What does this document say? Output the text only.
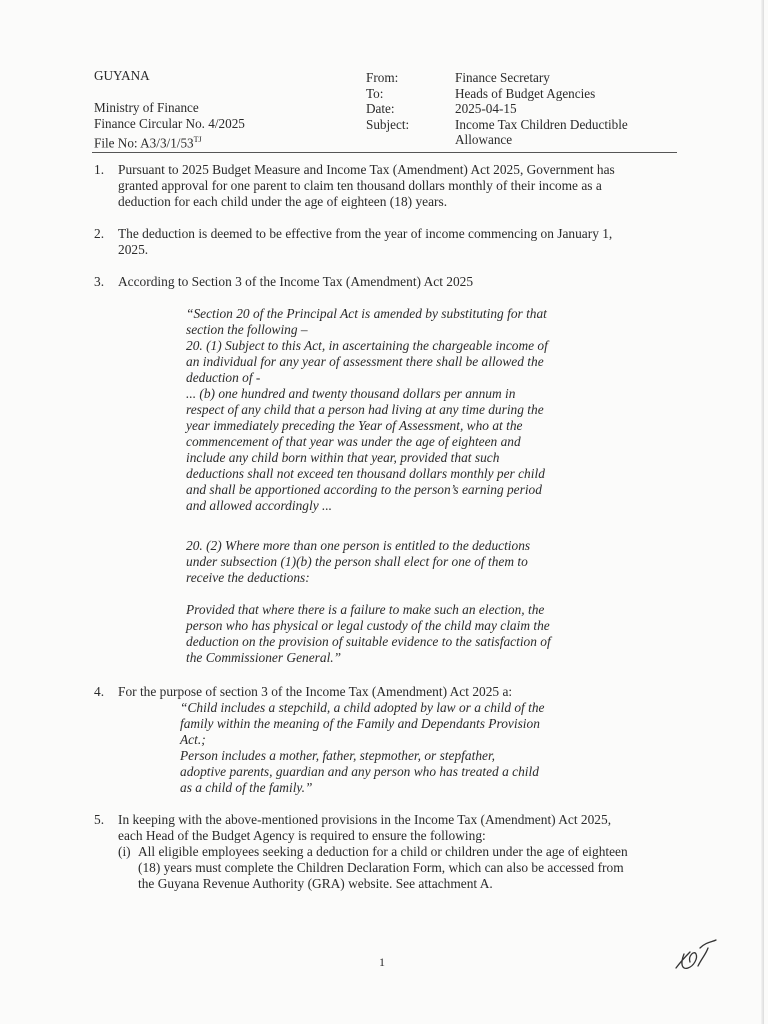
GUYANA
Ministry of Finance
Finance Circular No. 4/2025
File No: $A3/3/1/53^{TJ}$
From:
To:
Date:
Subject:
Finance Secretary
Heads of Budget Agencies
2025-04-15
Income Tax Children Deductible
Allowance
1. Pursuant to 2025 Budget Measure and Income Tax (Amendment) Act 2025, Government has
granted approval for one parent to claim ten thousand dollars monthly of their income as a
deduction for each child under the age of eighteen (18) years.
2. The deduction is deemed to be effective from the year of income commencing on January 1,
2025.
3. According to Section 3 of the Income Tax (Amendment) Act 2025
“Section 20 of the Principal Act is amended by substituting for that
section the following –
20. (1) Subject to this Act, in ascertaining the chargeable income of
an individual for any year of assessment there shall be allowed the
deduction of -
... (b) one hundred and twenty thousand dollars per annum in
respect of any child that a person had living at any time during the
year immediately preceding the Year of Assessment, who at the
commencement of that year was under the age of eighteen and
include any child born within that year, provided that such
deductions shall not exceed ten thousand dollars monthly per child
and shall be apportioned according to the person’s earning period
and allowed accordingly ...
20. (2) Where more than one person is entitled to the deductions
under subsection (1)(b) the person shall elect for one of them to
receive the deductions:
Provided that where there is a failure to make such an election, the
person who has physical or legal custody of the child may claim the
deduction on the provision of suitable evidence to the satisfaction of
the Commissioner General.”
4. For the purpose of section 3 of the Income Tax (Amendment) Act 2025 a:
“Child includes a stepchild, a child adopted by law or a child of the
family within the meaning of the Family and Dependants Provision
Act.;
Person includes a mother, father, stepmother, or stepfather,
adoptive parents, guardian and any person who has treated a child
as a child of the family.”
5. In keeping with the above-mentioned provisions in the Income Tax (Amendment) Act 2025,
each Head of the Budget Agency is required to ensure the following:
(i) All eligible employees seeking a deduction for a child or children under the age of eighteen
(18) years must complete the Children Declaration Form, which can also be accessed from
the Guyana Revenue Authority (GRA) website. See attachment A.
1
